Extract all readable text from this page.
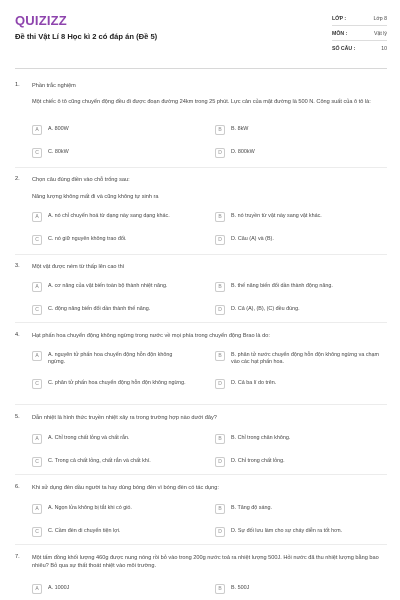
QUIZIZZ
Đề thi Vật Lí 8 Học kì 2 có đáp án (Đề 5)
LỚP :	Lớp 8
MÔN :	Vật lý
SỐ CÂU :	10
1. Phần trắc nghiệm
Một chiếc ô tô cũng chuyển động đều đi được đoạn đường 24km trong 25 phút. Lực cản của mặt đường là 500 N. Công suất của ô tô là:
A	A. 800W	B	B. 8kW
C	C. 80kW	D	D. 800kW
2. Chọn câu đúng điền vào chỗ trống sau:
Năng lượng không mất đi và cũng không tự sinh ra
A	A. nó chỉ chuyển hoá từ dạng này sang dạng khác.	B	B. nó truyền từ vật này sang vật khác.
C	C. nó giữ nguyên không trao đổi.	D	D. Câu (A) và (B).
3. Một vật được ném từ thấp lên cao thì
A	A. cơ năng của vật biến toàn bộ thành nhiệt năng.	B	B. thế năng biến đổi dần thành động năng.
C	C. động năng biến đổi dần thành thế năng.	D	D. Cả (A), (B), (C) đều đúng.
4. Hạt phấn hoa chuyển động không ngừng trong nước về mọi phía trong chuyển động Brao là do:
A	A. nguyên tử phấn hoa chuyển động hỗn độn không ngừng.
B	B. phân tử nước chuyển động hỗn độn không ngừng va chạm vào các hạt phấn hoa.
C	C. phân tử phấn hoa chuyển động hỗn độn không ngừng.	D	D. Cả ba lí do trên.
5. Dẫn nhiệt là hình thức truyền nhiệt xảy ra trong trường hợp nào dưới đây?
A	A. Chỉ trong chất lỏng và chất rắn.	B	B. Chỉ trong chân không.
C	C. Trong cả chất lỏng, chất rắn và chất khí.	D	D. Chỉ trong chất lỏng.
6. Khi sử dụng đèn dầu người ta hay dùng bóng đèn vì bóng đèn có tác dụng:
A	A. Ngọn lửa không bị tắt khi có gió.	B	B. Tăng độ sáng.
C	C. Cầm đèn di chuyển tiện lợi.	D	D. Sự đối lưu làm cho sự cháy diễn ra tốt hơn.
7. Một tấm đồng khối lượng 460g được nung nóng rồi bỏ vào trong 200g nước toả ra nhiệt lượng 500J. Hỏi nước đã thu nhiệt lượng bằng bao nhiêu? Bỏ qua sự thất thoát nhiệt vào môi trường.
A	A. 1000J	B	B. 500J
